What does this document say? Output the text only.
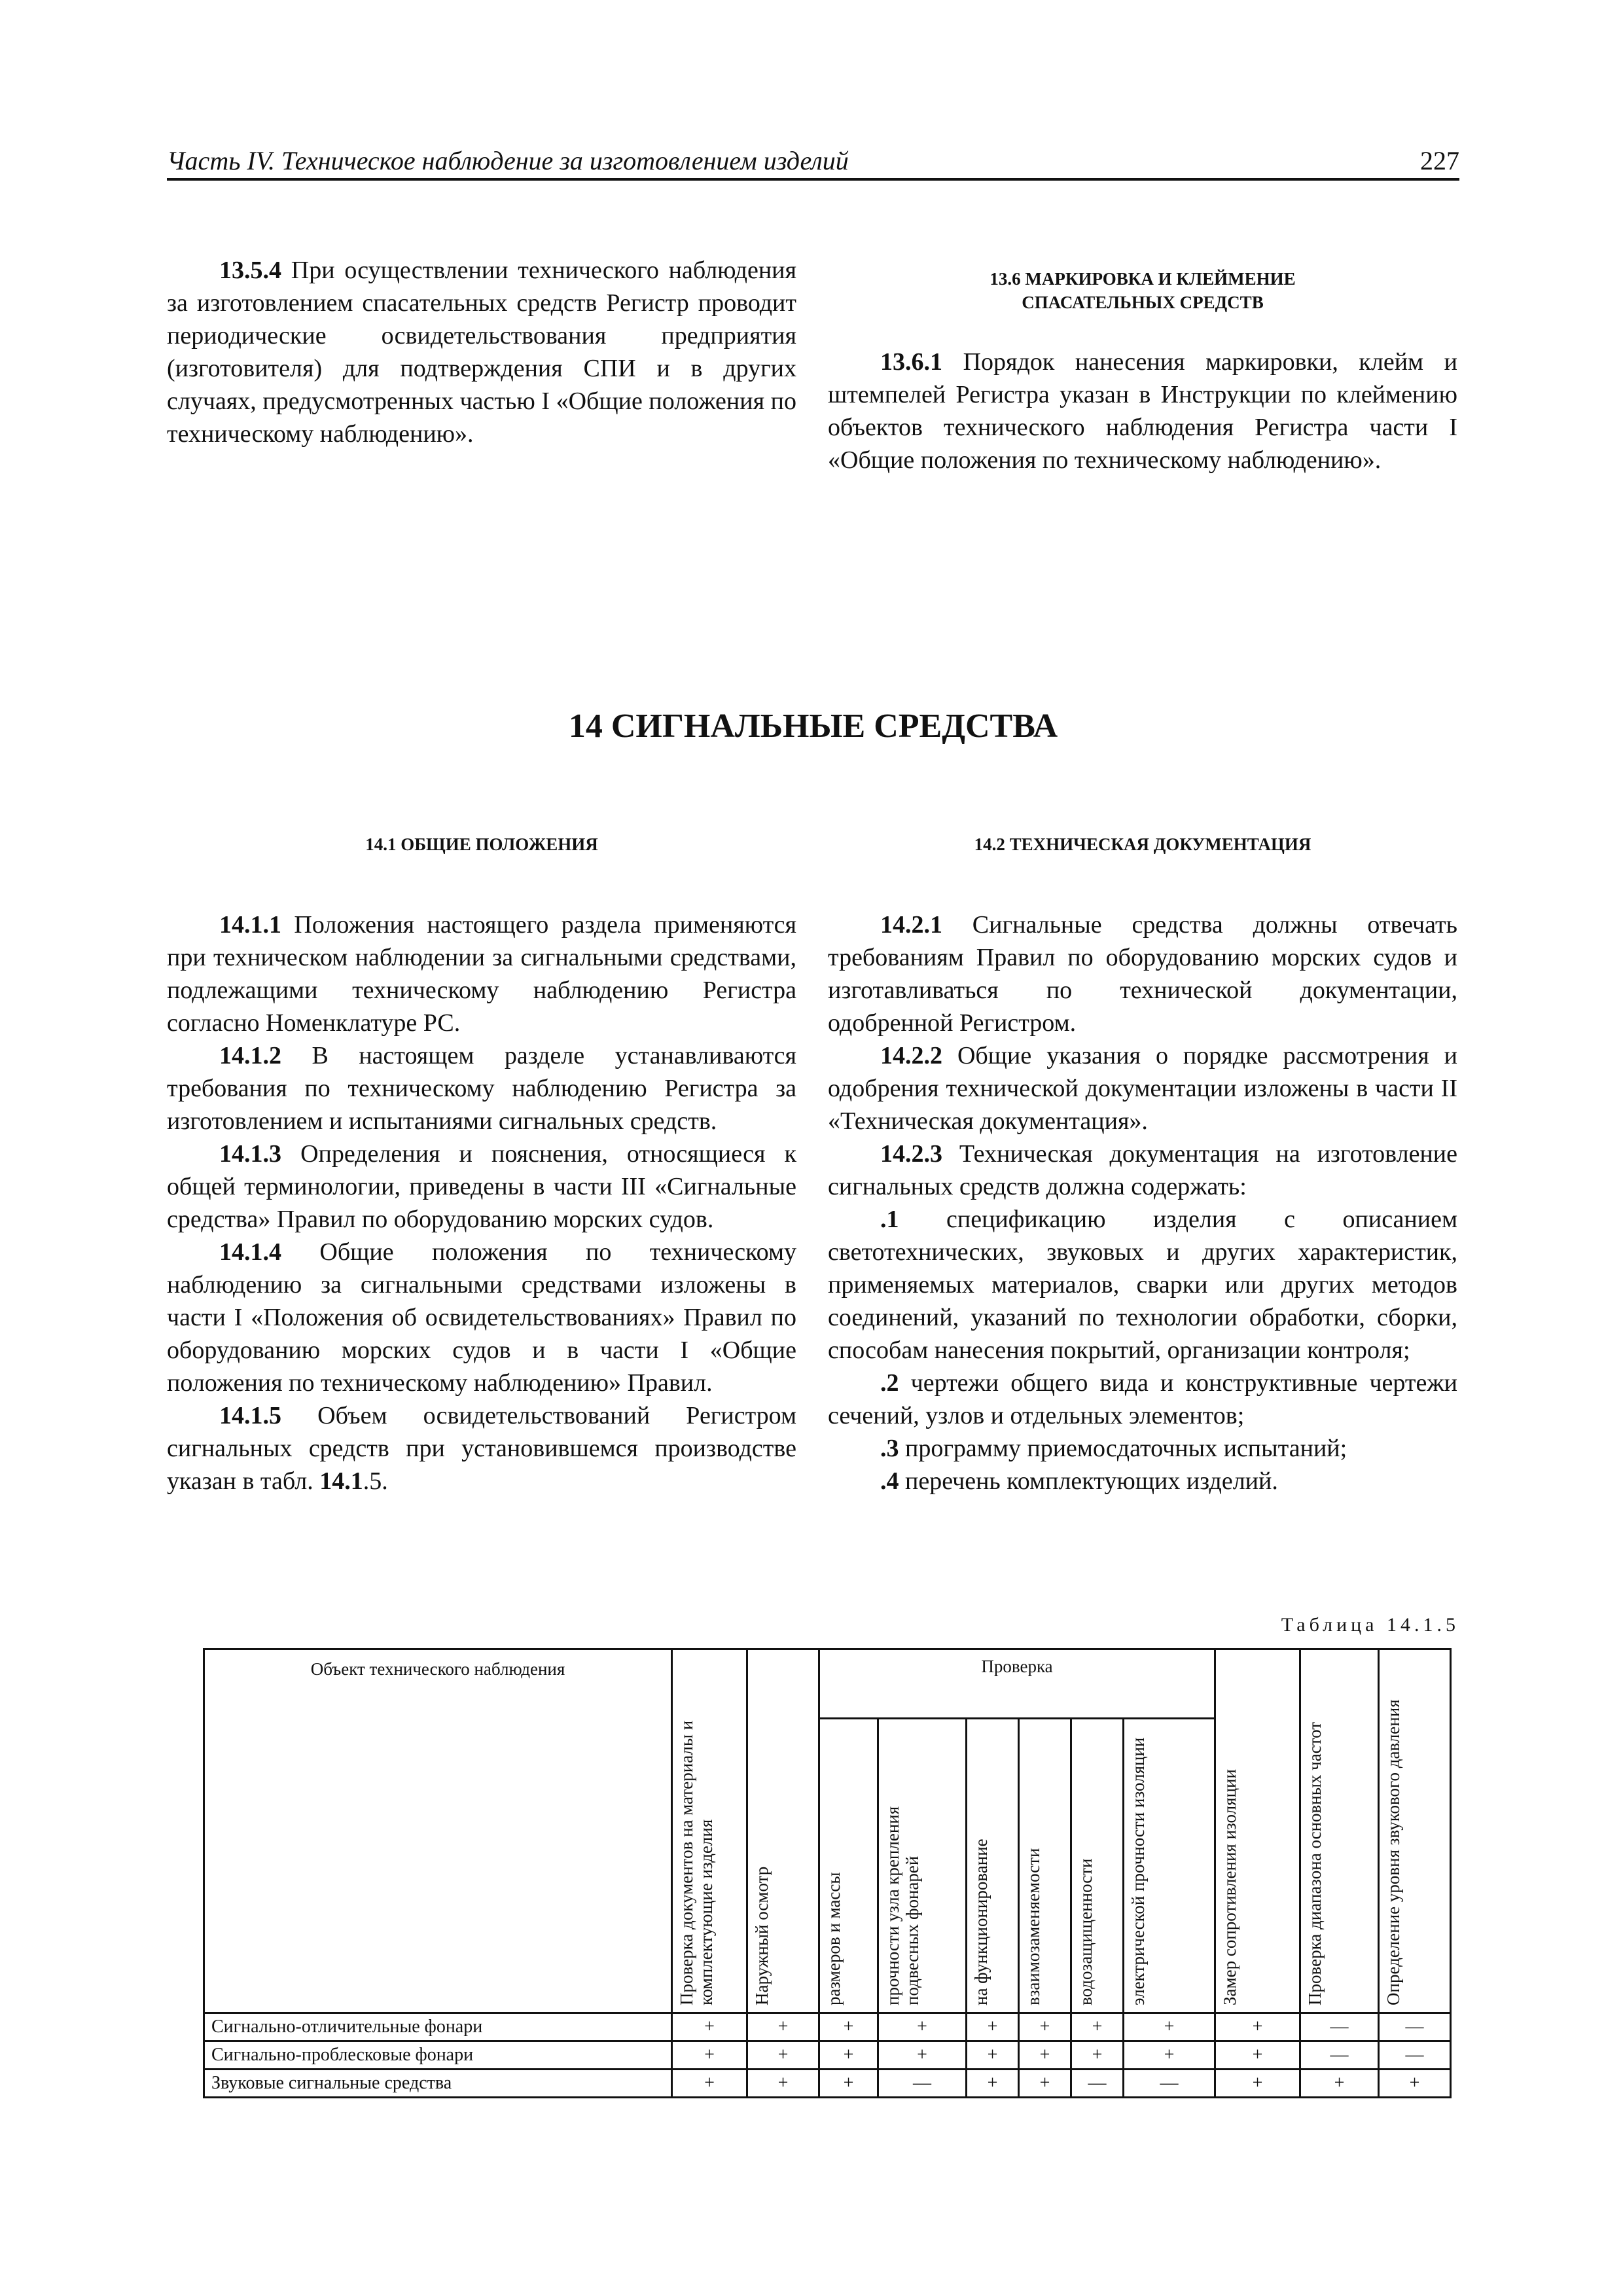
Часть IV. Техническое наблюдение за изготовлением изделий	227

13.5.4 При осуществлении технического наблюдения за изготовлением спасательных средств Регистр проводит периодические освидетельствования предприятия (изготовителя) для подтверждения СПИ и в других случаях, предусмотренных частью I «Общие положения по техническому наблюдению».

13.6 МАРКИРОВКА И КЛЕЙМЕНИЕ
СПАСАТЕЛЬНЫХ СРЕДСТВ

13.6.1 Порядок нанесения маркировки, клейм и штемпелей Регистра указан в Инструкции по клеймению объектов технического наблюдения Регистра части I «Общие положения по техническому наблюдению».

14 СИГНАЛЬНЫЕ СРЕДСТВА
14.1 ОБЩИЕ ПОЛОЖЕНИЯ	14.2 ТЕХНИЧЕСКАЯ ДОКУМЕНТАЦИЯ

14.1.1 Положения настоящего раздела применяются при техническом наблюдении за сигнальными средствами, подлежащими техническому наблюдению Регистра согласно Номенклатуре РС.

14.1.2 В настоящем разделе устанавливаются требования по техническому наблюдению Регистра за изготовлением и испытаниями сигнальных средств.

14.1.3 Определения и пояснения, относящиеся к общей терминологии, приведены в части III «Сигнальные средства» Правил по оборудованию морских судов.

14.1.4 Общие положения по техническому наблюдению за сигнальными средствами изложены в части I «Положения об освидетельствованиях» Правил по оборудованию морских судов и в части I «Общие положения по техническому наблюдению» Правил.

14.1.5 Объем освидетельствований Регистром сигнальных средств при установившемся производстве указан в табл. 14.1.5.

14.2.1 Сигнальные средства должны отвечать требованиям Правил по оборудованию морских судов и изготавливаться по технической документации, одобренной Регистром.

14.2.2 Общие указания о порядке рассмотрения и одобрения технической документации изложены в части II «Техническая документация».

14.2.3 Техническая документация на изготовление сигнальных средств должна содержать:

.1 спецификацию изделия с описанием светотехнических, звуковых и других характеристик, применяемых материалов, сварки или других методов соединений, указаний по технологии обработки, сборки, способам нанесения покрытий, организации контроля;

.2 чертежи общего вида и конструктивные чертежи сечений, узлов и отдельных элементов;

.3 программу приемосдаточных испытаний;

.4 перечень комплектующих изделий.

Таблица 14.1.5
Объект технического наблюдения	Проверка документов на материалы и комплектующие изделия	Наружный осмотр	Проверка						Замер сопротивления изоляции	Проверка диапазона основных частот	Определение уровня звукового давления

			размеров и массы	прочности узла крепления подвесных фонарей	на функционирование	взаимозаменяемости	водозащищенности	электрической прочности изоляции			

Сигнально-отличительные фонари	+	+	+	+	+	+	+	+	+	—	—
Сигнально-проблесковые фонари	+	+	+	+	+	+	+	+	+	—	—
Звуковые сигнальные средства	+	+	+	—	+	+	—	—	+	+	+
